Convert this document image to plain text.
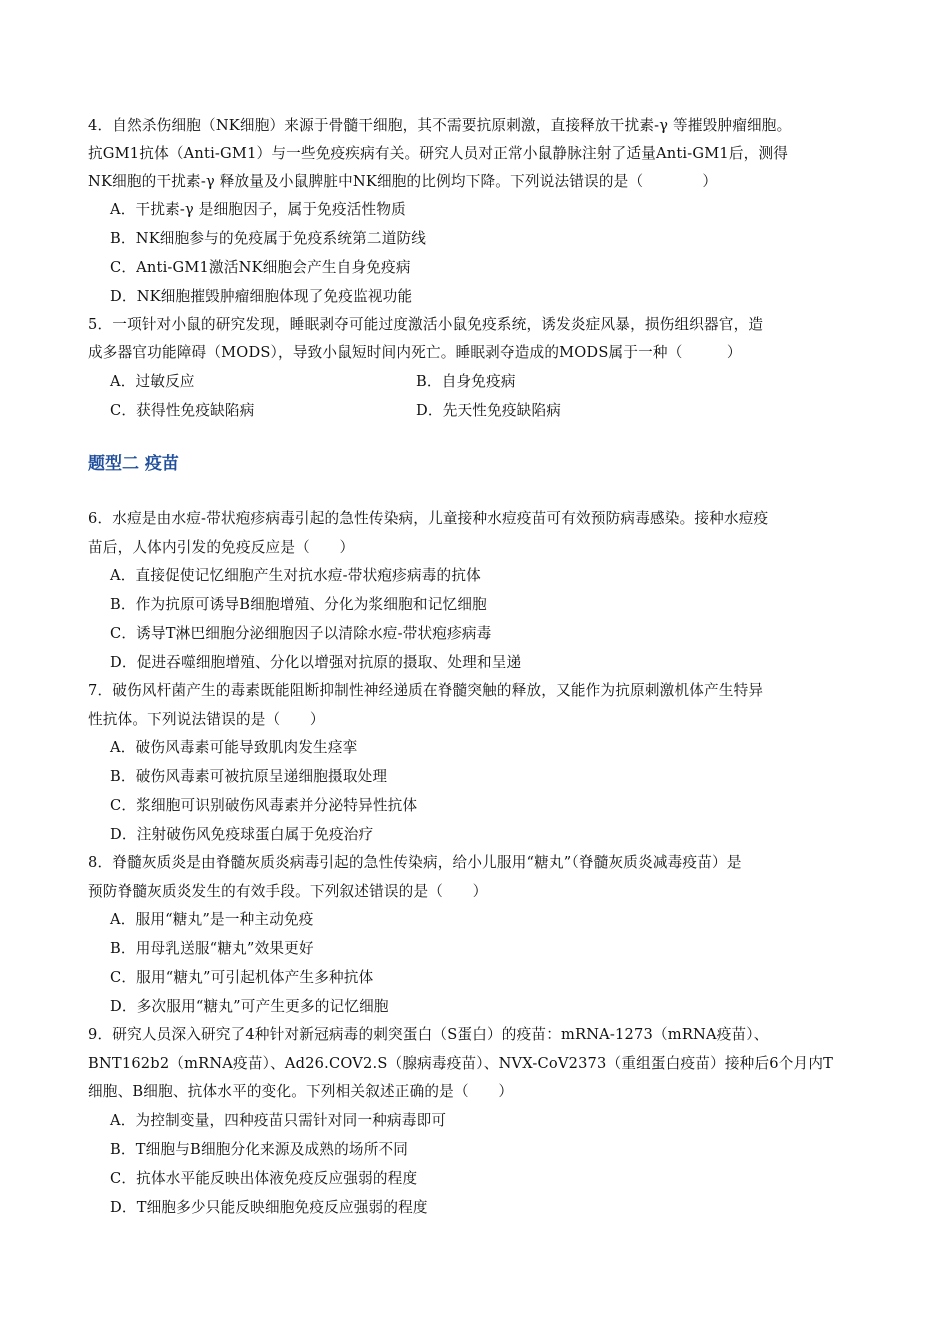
4．自然杀伤细胞（NK细胞）来源于骨髓干细胞，其不需要抗原刺激，直接释放干扰素-γ 等摧毁肿瘤细胞。
抗GM1抗体（Anti-GM1）与一些免疫疾病有关。研究人员对正常小鼠静脉注射了适量Anti-GM1后，测得
NK细胞的干扰素-γ 释放量及小鼠脾脏中NK细胞的比例均下降。下列说法错误的是（　　　　）
A．干扰素-γ 是细胞因子，属于免疫活性物质
B．NK细胞参与的免疫属于免疫系统第二道防线
C．Anti-GM1激活NK细胞会产生自身免疫病
D．NK细胞摧毁肿瘤细胞体现了免疫监视功能
5．一项针对小鼠的研究发现，睡眠剥夺可能过度激活小鼠免疫系统，诱发炎症风暴，损伤组织器官，造
成多器官功能障碍（MODS），导致小鼠短时间内死亡。睡眠剥夺造成的MODS属于一种（　　　）
A．过敏反应	B．自身免疫病
C．获得性免疫缺陷病	D．先天性免疫缺陷病
题型二 疫苗
6．水痘是由水痘-带状疱疹病毒引起的急性传染病，儿童接种水痘疫苗可有效预防病毒感染。接种水痘疫
苗后，人体内引发的免疫反应是（　　）
A．直接促使记忆细胞产生对抗水痘-带状疱疹病毒的抗体
B．作为抗原可诱导B细胞增殖、分化为浆细胞和记忆细胞
C．诱导T淋巴细胞分泌细胞因子以清除水痘-带状疱疹病毒
D．促进吞噬细胞增殖、分化以增强对抗原的摄取、处理和呈递
7．破伤风杆菌产生的毒素既能阻断抑制性神经递质在脊髓突触的释放，又能作为抗原刺激机体产生特异
性抗体。下列说法错误的是（　　）
A．破伤风毒素可能导致肌肉发生痉挛
B．破伤风毒素可被抗原呈递细胞摄取处理
C．浆细胞可识别破伤风毒素并分泌特异性抗体
D．注射破伤风免疫球蛋白属于免疫治疗
8．脊髓灰质炎是由脊髓灰质炎病毒引起的急性传染病，给小儿服用“糖丸”（脊髓灰质炎减毒疫苗）是
预防脊髓灰质炎发生的有效手段。下列叙述错误的是（　　）
A．服用“糖丸”是一种主动免疫
B．用母乳送服“糖丸”效果更好
C．服用“糖丸”可引起机体产生多种抗体
D．多次服用“糖丸”可产生更多的记忆细胞
9．研究人员深入研究了4种针对新冠病毒的刺突蛋白（S蛋白）的疫苗：mRNA-1273（mRNA疫苗）、
BNT162b2（mRNA疫苗）、Ad26.COV2.S（腺病毒疫苗）、NVX-CoV2373（重组蛋白疫苗）接种后6个月内T
细胞、B细胞、抗体水平的变化。下列相关叙述正确的是（　　）
A．为控制变量，四种疫苗只需针对同一种病毒即可
B．T细胞与B细胞分化来源及成熟的场所不同
C．抗体水平能反映出体液免疫反应强弱的程度
D．T细胞多少只能反映细胞免疫反应强弱的程度
